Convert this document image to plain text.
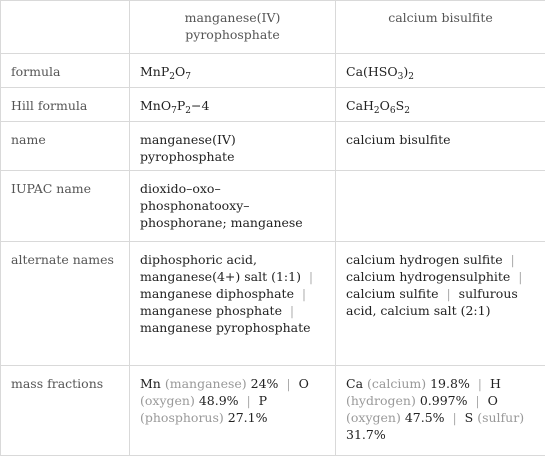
	manganese(IV) pyrophosphate	calcium bisulfite
formula	$MnP_2O_7$	$Ca(HSO_3)_2$
Hill formula	$MnO_7P_2-4$	$CaH_2O_6S_2$
name	manganese(IV) pyrophosphate	calcium bisulfite
IUPAC name	dioxido–oxo–phosphonatooxy–phosphorane; manganese	
alternate names	diphosphoric acid, manganese(4+) salt (1:1)  |  manganese diphosphate  |  manganese phosphate  |  manganese pyrophosphate	calcium hydrogen sulfite  |  calcium hydrogensulphite  |  calcium sulfite  |  sulfurous acid, calcium salt (2:1)
mass fractions	Mn (manganese) 24%  |  O (oxygen) 48.9%  |  P (phosphorus) 27.1%	Ca (calcium) 19.8%  |  H (hydrogen) 0.997%  |  O (oxygen) 47.5%  |  S (sulfur) 31.7%
